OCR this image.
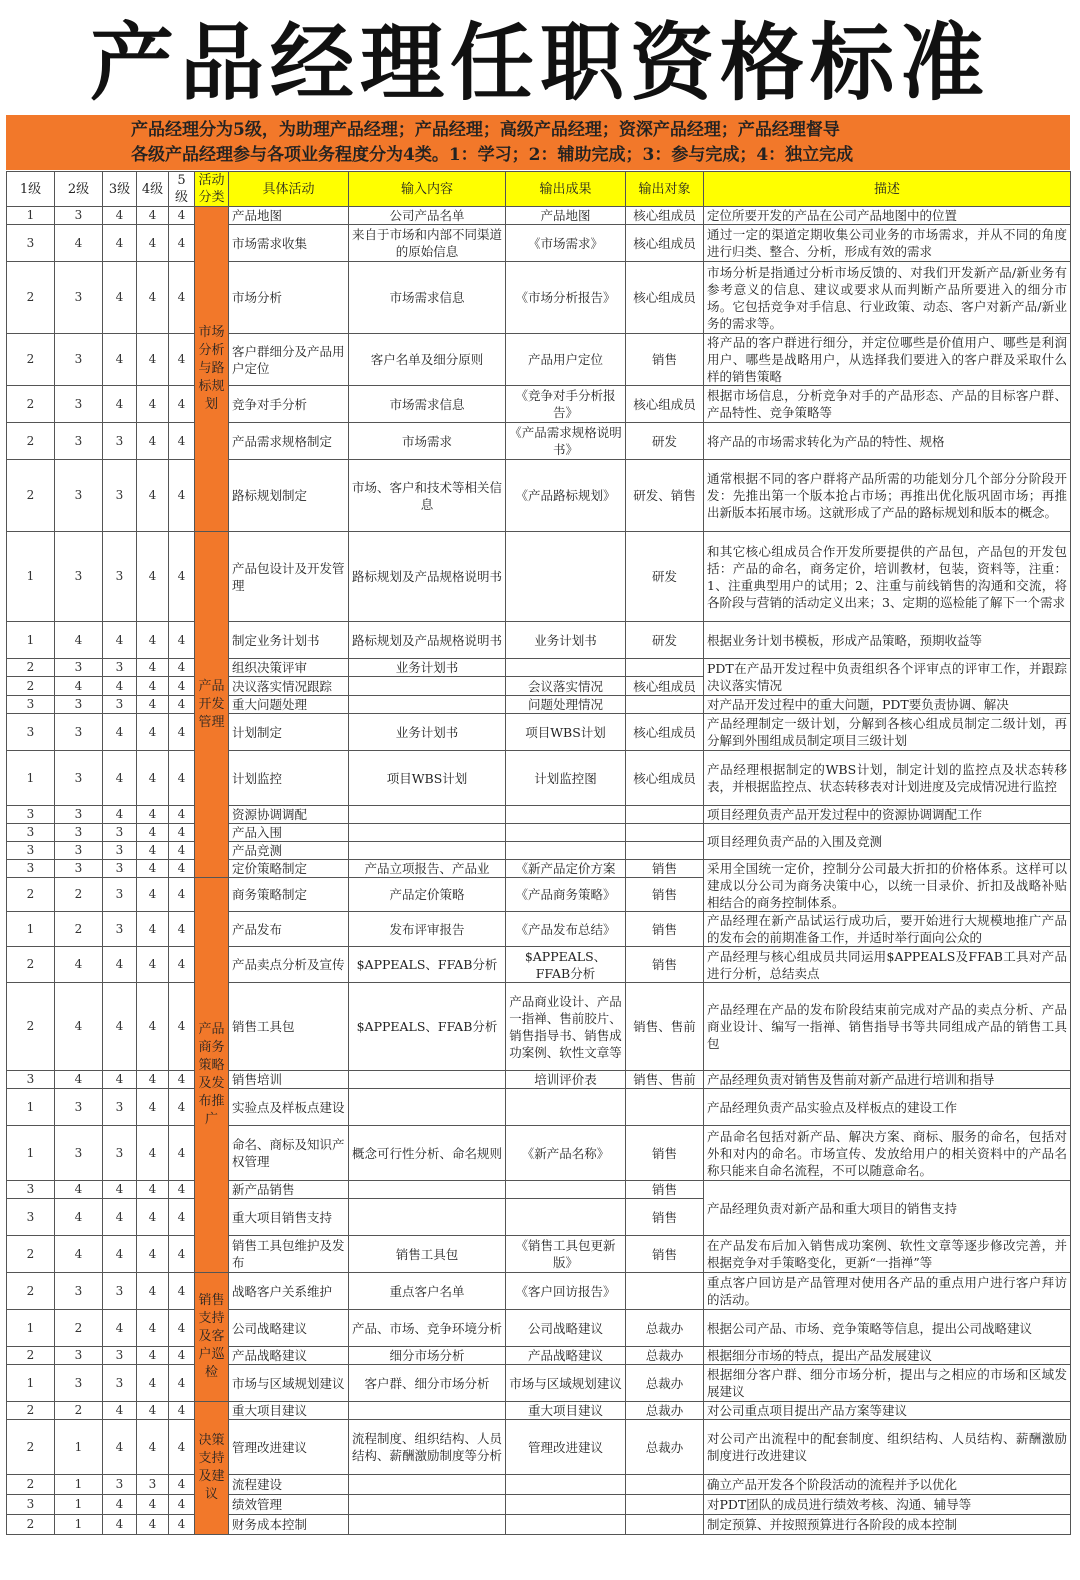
产品经理任职资格标准
产品经理分为5级，为助理产品经理；产品经理；高级产品经理；资深产品经理；产品经理督导
各级产品经理参与各项业务程度分为4类。1：学习；2：辅助完成；3：参与完成；4：独立完成
1级	2级	3级	4级	5级	活动分类	具体活动	输入内容	输出成果	输出对象	描述
1	3	4	4	4	市场分析与路标规划	产品地图	公司产品名单	产品地图	核心组成员	定位所要开发的产品在公司产品地图中的位置
3	4	4	4	4		市场需求收集	来自于市场和内部不同渠道的原始信息	《市场需求》	核心组成员	通过一定的渠道定期收集公司业务的市场需求，并从不同的角度进行归类、整合、分析，形成有效的需求
2	3	4	4	4		市场分析	市场需求信息	《市场分析报告》	核心组成员	市场分析是指通过分析市场反馈的、对我们开发新产品/新业务有参考意义的信息、建议或要求从而判断产品所要进入的细分市场。它包括竞争对手信息、行业政策、动态、客户对新产品/新业务的需求等。
2	3	4	4	4		客户群细分及产品用户定位	客户名单及细分原则	产品用户定位	销售	将产品的客户群进行细分，并定位哪些是价值用户、哪些是利润用户、哪些是战略用户，从选择我们要进入的客户群及采取什么样的销售策略
2	3	4	4	4		竞争对手分析	市场需求信息	《竞争对手分析报告》	核心组成员	根据市场信息，分析竞争对手的产品形态、产品的目标客户群、产品特性、竞争策略等
2	3	3	4	4		产品需求规格制定	市场需求	《产品需求规格说明书》	研发	将产品的市场需求转化为产品的特性、规格
2	3	3	4	4		路标规划制定	市场、客户和技术等相关信息	《产品路标规划》	研发、销售	通常根据不同的客户群将产品所需的功能划分几个部分分阶段开发：先推出第一个版本抢占市场；再推出优化版巩固市场；再推出新版本拓展市场。这就形成了产品的路标规划和版本的概念。
1	3	3	4	4	产品开发管理	产品包设计及开发管理	路标规划及产品规格说明书		研发	和其它核心组成员合作开发所要提供的产品包，产品包的开发包括：产品的命名，商务定价，培训教材，包装，资料等，注重：1、注重典型用户的试用；2、注重与前线销售的沟通和交流，将各阶段与营销的活动定义出来；3、定期的巡检能了解下一个需求
1	4	4	4	4		制定业务计划书	路标规划及产品规格说明书	业务计划书	研发	根据业务计划书模板，形成产品策略，预期收益等
2	3	3	4	4		组织决策评审	业务计划书			PDT在产品开发过程中负责组织各个评审点的评审工作，并跟踪决议落实情况
2	4	4	4	4		决议落实情况跟踪		会议落实情况	核心组成员	
3	3	3	4	4		重大问题处理		问题处理情况		对产品开发过程中的重大问题，PDT要负责协调、解决
3	3	4	4	4		计划制定	业务计划书	项目WBS计划	核心组成员	产品经理制定一级计划，分解到各核心组成员制定二级计划，再分解到外围组成员制定项目三级计划
1	3	4	4	4		计划监控	项目WBS计划	计划监控图	核心组成员	产品经理根据制定的WBS计划，制定计划的监控点及状态转移表，并根据监控点、状态转移表对计划进度及完成情况进行监控
3	3	4	4	4		资源协调调配				项目经理负责产品开发过程中的资源协调调配工作
3	3	3	4	4		产品入围				项目经理负责产品的入围及竞测
3	3	3	4	4		产品竞测				
3	3	3	4	4		定价策略制定	产品立项报告、产品业	《新产品定价方案	销售	采用全国统一定价，控制分公司最大折扣的价格体系。这样可以建成以分公司为商务决策中心，以统一目录价、折扣及战略补贴相结合的商务控制体系。
2	2	3	4	4	产品商务策略及发布推广	商务策略制定	产品定价策略	《产品商务策略》	销售	
1	2	3	4	4		产品发布	发布评审报告	《产品发布总结》	销售	产品经理在新产品试运行成功后，要开始进行大规模地推广产品的发布会的前期准备工作，并适时举行面向公众的
2	4	4	4	4		产品卖点分析及宣传	$APPEALS、FFAB分析	$APPEALS、FFAB分析	销售	产品经理与核心组成员共同运用$APPEALS及FFAB工具对产品进行分析，总结卖点
2	4	4	4	4		销售工具包	$APPEALS、FFAB分析	产品商业设计、产品一指禅、售前胶片、销售指导书、销售成功案例、软性文章等	销售、售前	产品经理在产品的发布阶段结束前完成对产品的卖点分析、产品商业设计、编写一指禅、销售指导书等共同组成产品的销售工具包
3	4	4	4	4		销售培训		培训评价表	销售、售前	产品经理负责对销售及售前对新产品进行培训和指导
1	3	3	4	4		实验点及样板点建设				产品经理负责产品实验点及样板点的建设工作
1	3	3	4	4		命名、商标及知识产权管理	概念可行性分析、命名规则	《新产品名称》	销售	产品命名包括对新产品、解决方案、商标、服务的命名，包括对外和对内的命名。市场宣传、发放给用户的相关资料中的产品名称只能来自命名流程，不可以随意命名。
3	4	4	4	4		新产品销售			销售	产品经理负责对新产品和重大项目的销售支持
3	4	4	4	4		重大项目销售支持			销售	
2	4	4	4	4		销售工具包维护及发布	销售工具包	《销售工具包更新版》	销售	在产品发布后加入销售成功案例、软性文章等逐步修改完善，并根据竞争对手策略变化，更新“一指禅”等
2	3	3	4	4	销售支持及客户巡检	战略客户关系维护	重点客户名单	《客户回访报告》		重点客户回访是产品管理对使用各产品的重点用户进行客户拜访的活动。
1	2	4	4	4		公司战略建议	产品、市场、竞争环境分析	公司战略建议	总裁办	根据公司产品、市场、竞争策略等信息，提出公司战略建议
2	3	3	4	4		产品战略建议	细分市场分析	产品战略建议	总裁办	根据细分市场的特点，提出产品发展建议
1	3	3	4	4		市场与区域规划建议	客户群、细分市场分析	市场与区域规划建议	总裁办	根据细分客户群、细分市场分析，提出与之相应的市场和区域发展建议
2	2	4	4	4	决策支持及建议	重大项目建议		重大项目建议	总裁办	对公司重点项目提出产品方案等建议
2	1	4	4	4		管理改进建议	流程制度、组织结构、人员结构、薪酬激励制度等分析	管理改进建议	总裁办	对公司产出流程中的配套制度、组织结构、人员结构、薪酬激励制度进行改进建议
2	1	3	3	4		流程建设				确立产品开发各个阶段活动的流程并予以优化
3	1	4	4	4		绩效管理				对PDT团队的成员进行绩效考核、沟通、辅导等
2	1	4	4	4		财务成本控制				制定预算、并按照预算进行各阶段的成本控制
